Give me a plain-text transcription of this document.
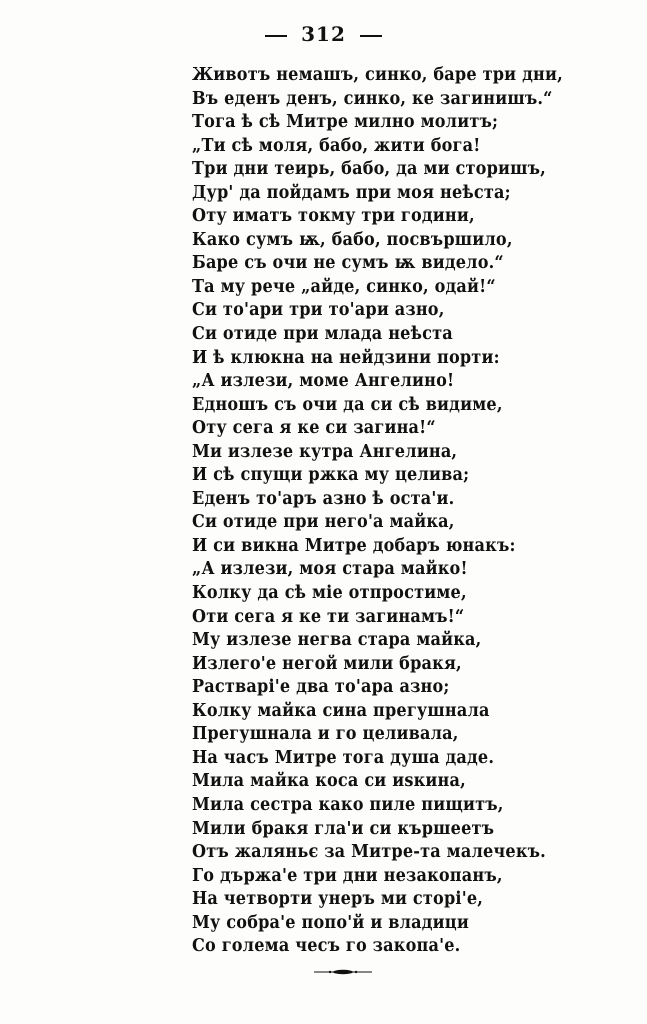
312
Животъ немашъ, синко, баре три дни,
Въ еденъ денъ, синко, ке загинишъ.“
Тога ѣ сѣ Митре милно молитъ;
„Ти сѣ моля, бабо, жити бога!
Три дни теирь, бабо, да ми сторишъ,
Дур' да пойдамъ при моя неѣста;
Оту иматъ токму три години,
Како сумъ ѭ, бабо, посвършило,
Баре съ очи не сумъ ѭ видело.“
Та му рече „айде, синко, одай!“
Си то'ари три то'ари азно,
Си отиде при млада неѣста
И ѣ клюкна на нейдзини порти:
„А излези, моме Ангелино!
Едношъ съ очи да си сѣ видиме,
Оту сега я ке си загина!“
Ми излезе кутра Ангелина,
И сѣ спущи ржка му целива;
Еденъ то'аръ азно ѣ оста'и.
Си отиде при него'а майка,
И си викна Митре добаръ юнакъ:
„А излези, моя стара майко!
Колку да сѣ міе отпростиме,
Оти сега я ке ти загинамъ!“
Му излезе негва стара майка,
Излего'е негой мили бракя,
Раствapi'e два то'ара азно;
Колку майка сина прегушнала
Прегушнала и го целивала,
На часъ Митре тога душа даде.
Мила майка коса си иѕкина,
Мила сестра како пиле пищитъ,
Мили бракя гла'и си кършеетъ
Отъ жаляньє за Митре-та малечекъ.
Го държа'е три дни незакопанъ,
На четворти унеръ ми сторі'е,
Му собра'е попо'й и владици
Со голема чесъ го закопа'е.
